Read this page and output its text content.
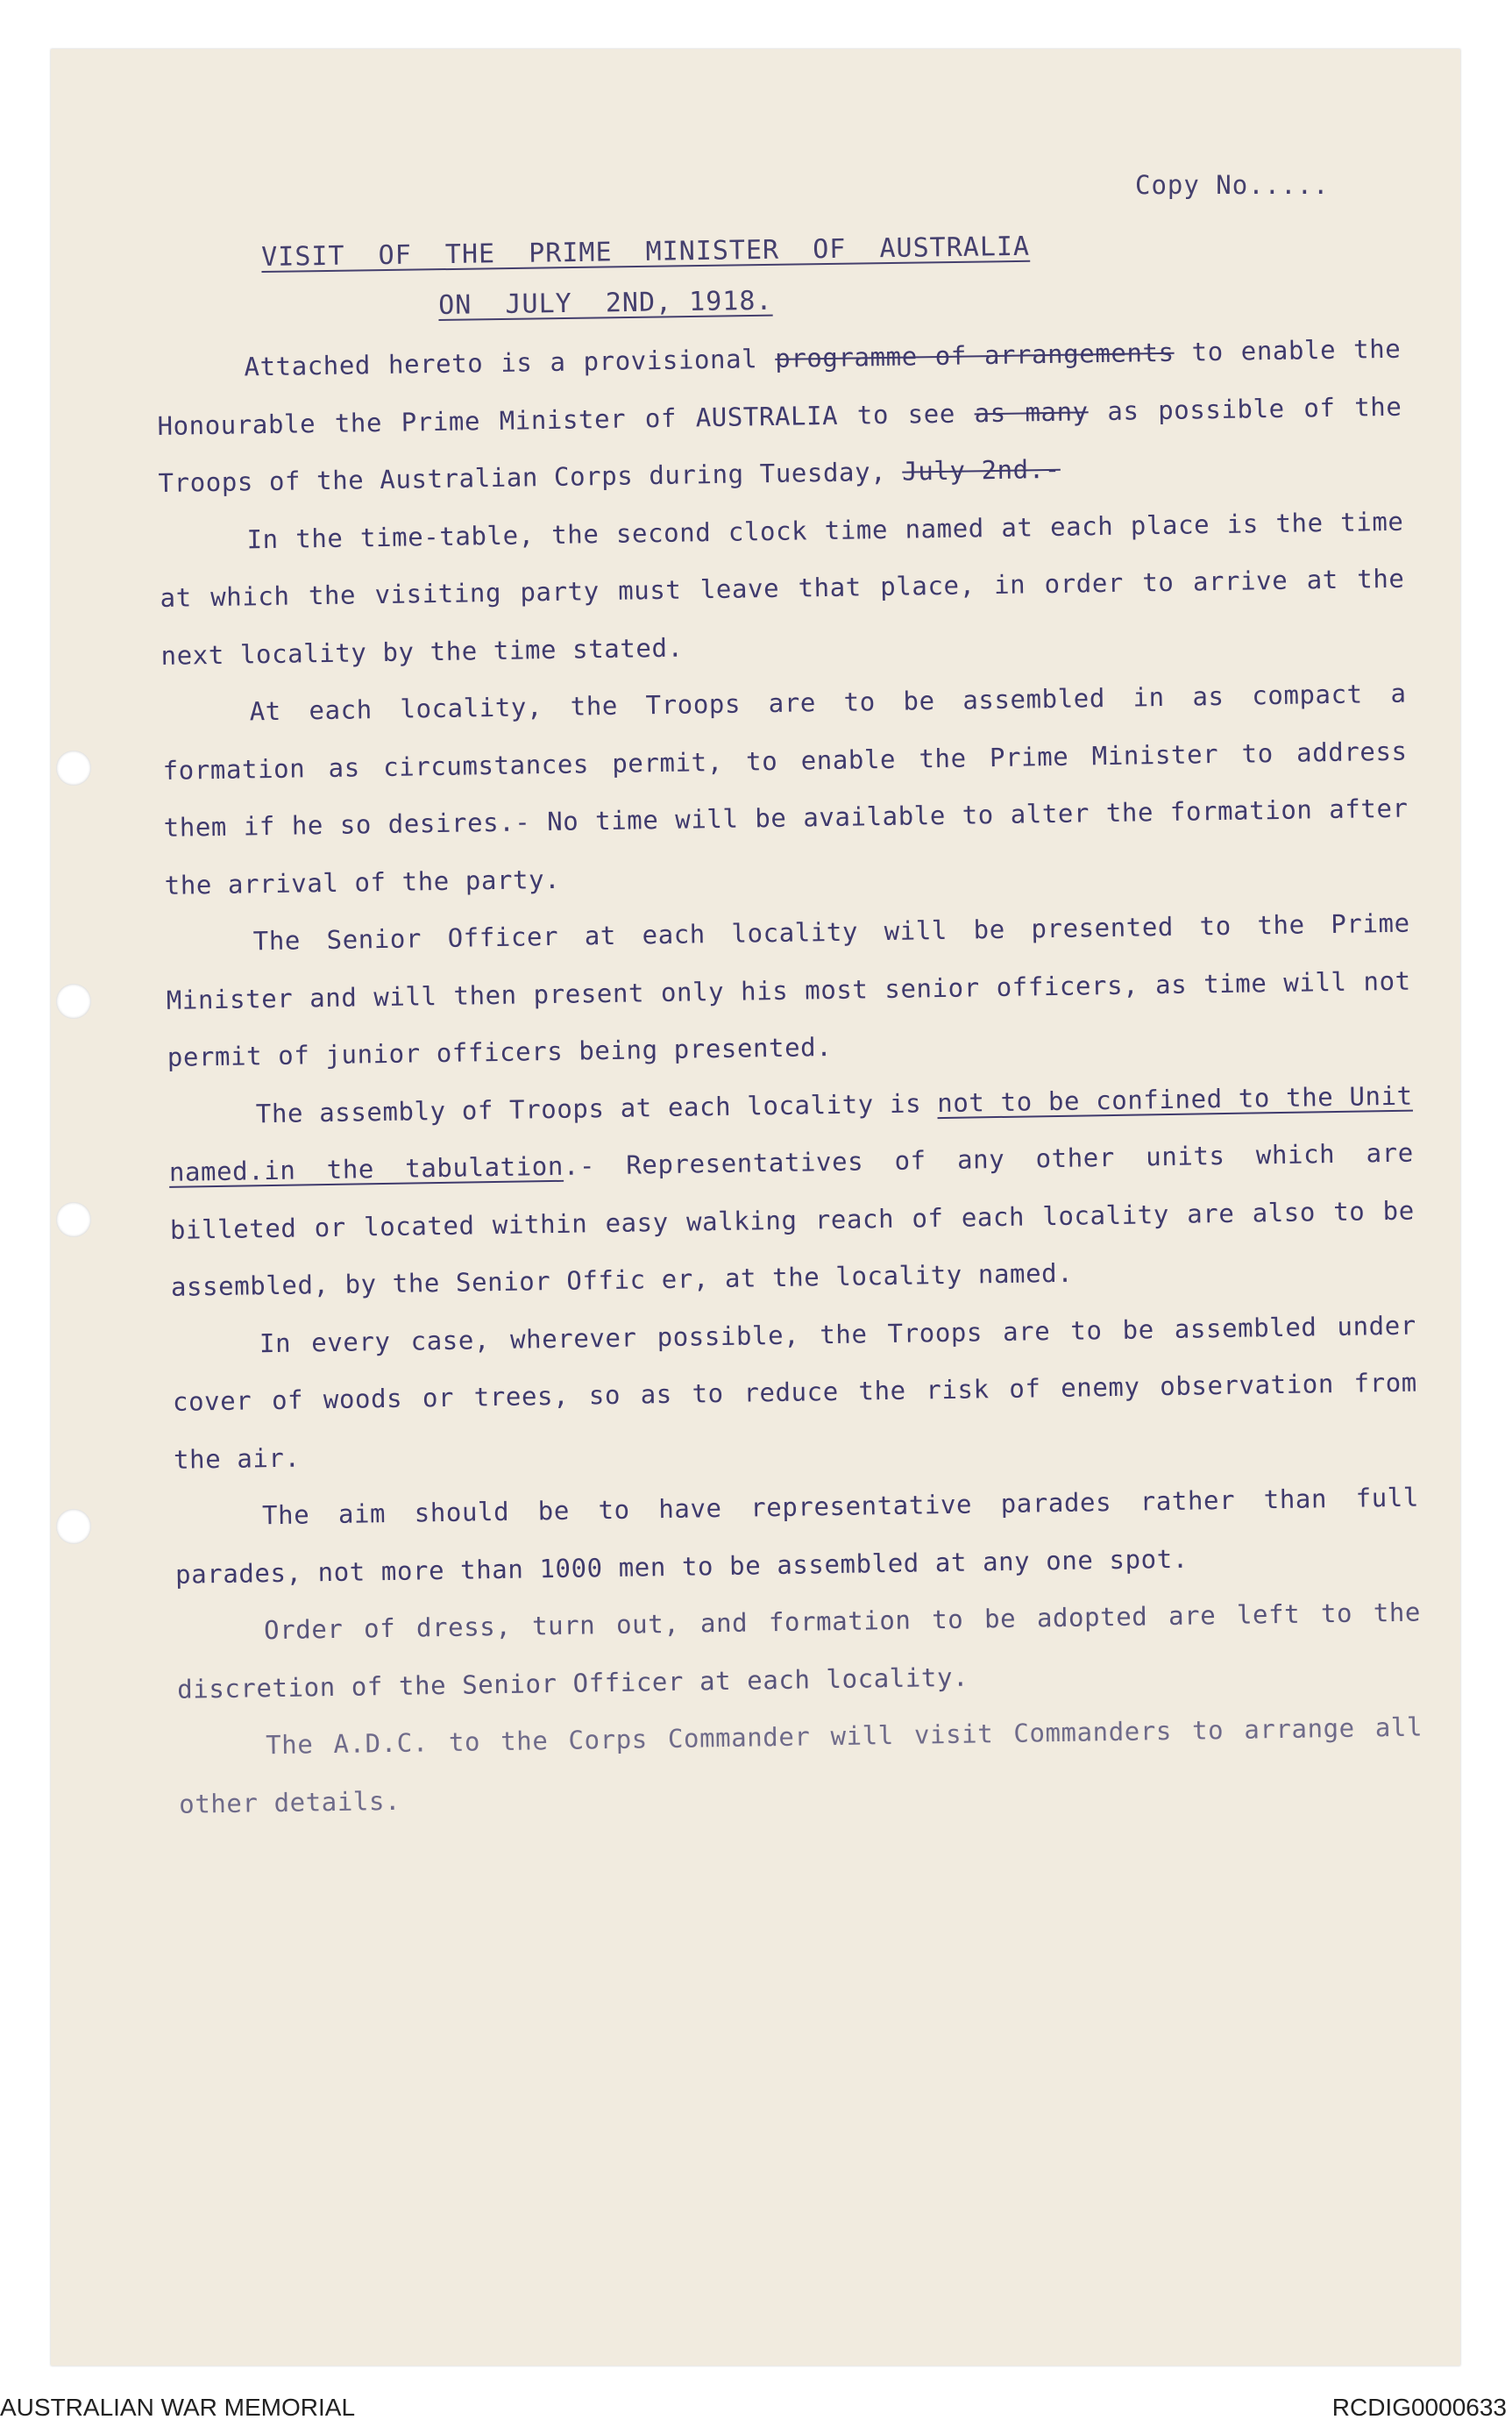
Copy No.....
VISIT  OF  THE  PRIME  MINISTER  OF  AUSTRALIA
ON  JULY  2ND, 1918.

Attached hereto is a provisional programme of arrangements to enable the Honourable the Prime Minister of AUSTRALIA to see as many as possible of the Troops of the Australian Corps during Tuesday, July 2nd.-

In the time-table, the second clock time named at each place is the time at which the visiting party must leave that place, in order to arrive at the next locality by the time stated.

At each locality, the Troops are to be assembled in as compact a formation as circumstances permit, to enable the Prime Minister to address them if he so desires.- No time will be available to alter the formation after the arrival of the party.

The Senior Officer at each locality will be presented to the Prime Minister and will then present only his most senior officers, as time will not permit of junior officers being presented.

The assembly of Troops at each locality is not to be confined to the Unit named.in the tabulation.- Representatives of any other units which are billeted or located within easy walking reach of each locality are also to be assembled, by the Senior Offic er, at the locality named.

In every case, wherever possible, the Troops are to be assembled under cover of woods or trees, so as to reduce the risk of enemy observation from the air.

The aim should be to have representative parades rather than full parades, not more than 1000 men to be assembled at any one spot.

Order of dress, turn out, and formation to be adopted are left to the discretion of the Senior Officer at each locality.

The A.D.C. to the Corps Commander will visit Commanders to arrange all other details.

AUSTRALIAN WAR MEMORIAL	RCDIG0000633
